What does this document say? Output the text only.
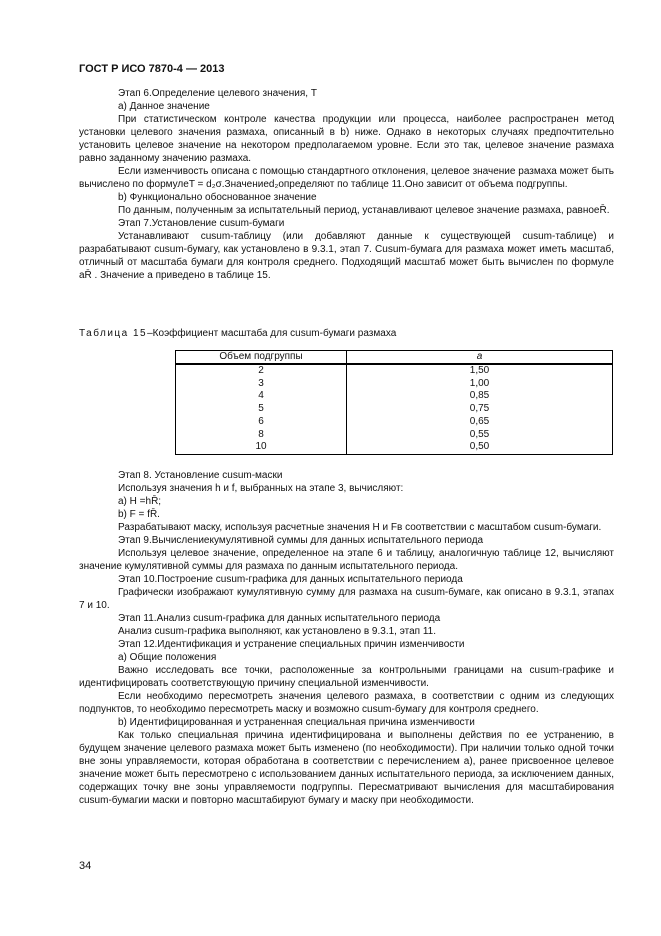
ГОСТ Р ИСО 7870-4 — 2013
Этап 6.Определение целевого значения, T
а) Данное значение
При статистическом контроле качества продукции или процесса, наиболее распространен метод установки целевого значения размаха, описанный в b) ниже. Однако в некоторых случаях предпочтительно установить целевое значение на некотором предполагаемом уровне. Если это так, целевое значение размаха равно заданному значению размаха.
Если изменчивость описана с помощью стандартного отклонения, целевое значение размаха может быть вычислено по формулеT = d₂σ.Значениеd₂определяют по таблице 11.Оно зависит от объема подгруппы.
b) Функционально обоснованное значение
По данным, полученным за испытательный период, устанавливают целевое значение размаха, равноеR̄.
Этап 7.Установление cusum-бумаги
Устанавливают cusum-таблицу (или добавляют данные к существующей cusum-таблице) и разрабатывают cusum-бумагу, как установлено в 9.3.1, этап 7. Cusum-бумага для размаха может иметь масштаб, отличный от масштаба бумаги для контроля среднего. Подходящий масштаб может быть вычислен по формуле aR̄ . Значение a приведено в таблице 15.
Таблица 15–Коэффициент масштаба для cusum-бумаги размаха
Объем подгруппы	a
2	1,50
3	1,00
4	0,85
5	0,75
6	0,65
8	0,55
10	0,50
Этап 8. Установление cusum-маски
Используя значения h и f, выбранных на этапе 3, вычисляют:
а) H =hR̄;
b) F = fR̄.
Разрабатывают маску, используя расчетные значения H и Fв соответствии с масштабом cusum-бумаги.
Этап 9.Вычислениекумулятивной суммы для данных испытательного периода
Используя целевое значение, определенное на этапе 6 и таблицу, аналогичную таблице 12, вычисляют значение кумулятивной суммы для размаха по данным испытательного периода.
Этап 10.Построение cusum-графика для данных испытательного периода
Графически изображают кумулятивную сумму для размаха на cusum-бумаге, как описано в 9.3.1, этапах 7 и 10.
Этап 11.Анализ cusum-графика для данных испытательного периода
Анализ cusum-графика выполняют, как установлено в 9.3.1, этап 11.
Этап 12.Идентификация и устранение специальных причин изменчивости
а) Общие положения
Важно исследовать все точки, расположенные за контрольными границами на cusum-графике и идентифицировать соответствующую причину специальной изменчивости.
Если необходимо пересмотреть значения целевого размаха, в соответствии с одним из следующих подпунктов, то необходимо пересмотреть маску и возможно cusum-бумагу для контроля среднего.
b) Идентифицированная и устраненная специальная причина изменчивости
Как только специальная причина идентифицирована и выполнены действия по ее устранению, в будущем значение целевого размаха может быть изменено (по необходимости). При наличии только одной точки вне зоны управляемости, которая обработана в соответствии с перечислением а), ранее присвоенное целевое значение может быть пересмотрено с использованием данных испытательного периода, за исключением данных, содержащих точку вне зоны управляемости подгруппы. Пересматривают вычисления для масштабирования cusum-бумагии маски и повторно масштабируют бумагу и маску при необходимости.
34
